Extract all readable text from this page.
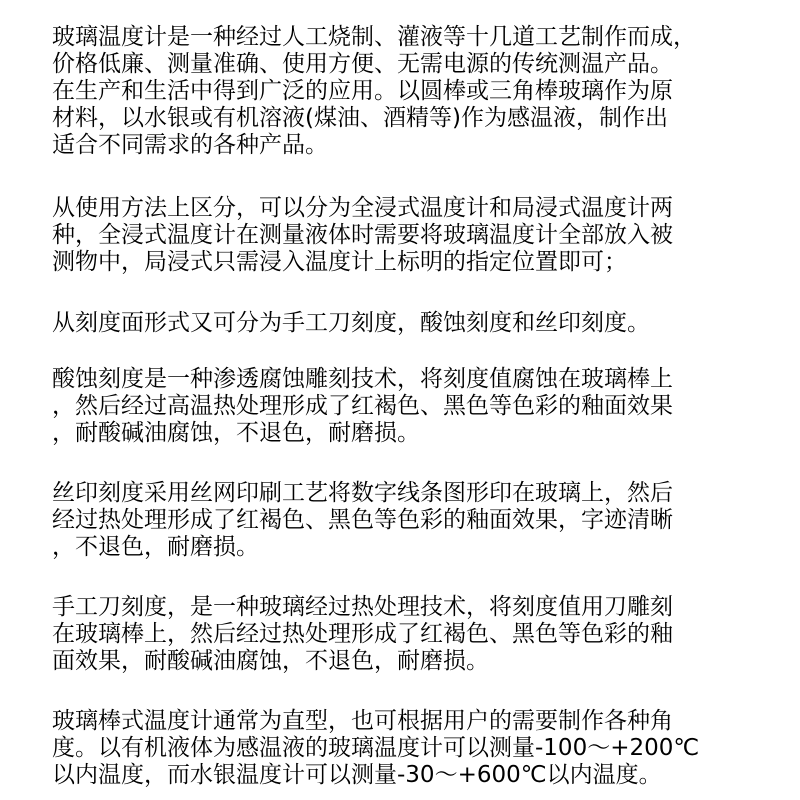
玻璃温度计是一种经过人工烧制、灌液等十几道工艺制作而成，
价格低廉、测量准确、使用方便、无需电源的传统测温产品。
在生产和生活中得到广泛的应用。以圆棒或三角棒玻璃作为原
材料，以水银或有机溶液(煤油、酒精等)作为感温液，制作出
适合不同需求的各种产品。
从使用方法上区分，可以分为全浸式温度计和局浸式温度计两
种，全浸式温度计在测量液体时需要将玻璃温度计全部放入被
测物中，局浸式只需浸入温度计上标明的指定位置即可；
从刻度面形式又可分为手工刀刻度，酸蚀刻度和丝印刻度。
酸蚀刻度是一种渗透腐蚀雕刻技术，将刻度值腐蚀在玻璃棒上
，然后经过高温热处理形成了红褐色、黑色等色彩的釉面效果
，耐酸碱油腐蚀，不退色，耐磨损。
丝印刻度采用丝网印刷工艺将数字线条图形印在玻璃上，然后
经过热处理形成了红褐色、黑色等色彩的釉面效果，字迹清晰
，不退色，耐磨损。
手工刀刻度，是一种玻璃经过热处理技术，将刻度值用刀雕刻
在玻璃棒上，然后经过热处理形成了红褐色、黑色等色彩的釉
面效果，耐酸碱油腐蚀，不退色，耐磨损。
玻璃棒式温度计通常为直型，也可根据用户的需要制作各种角
度。以有机液体为感温液的玻璃温度计可以测量-100～+200℃
以内温度，而水银温度计可以测量-30～+600℃以内温度。
